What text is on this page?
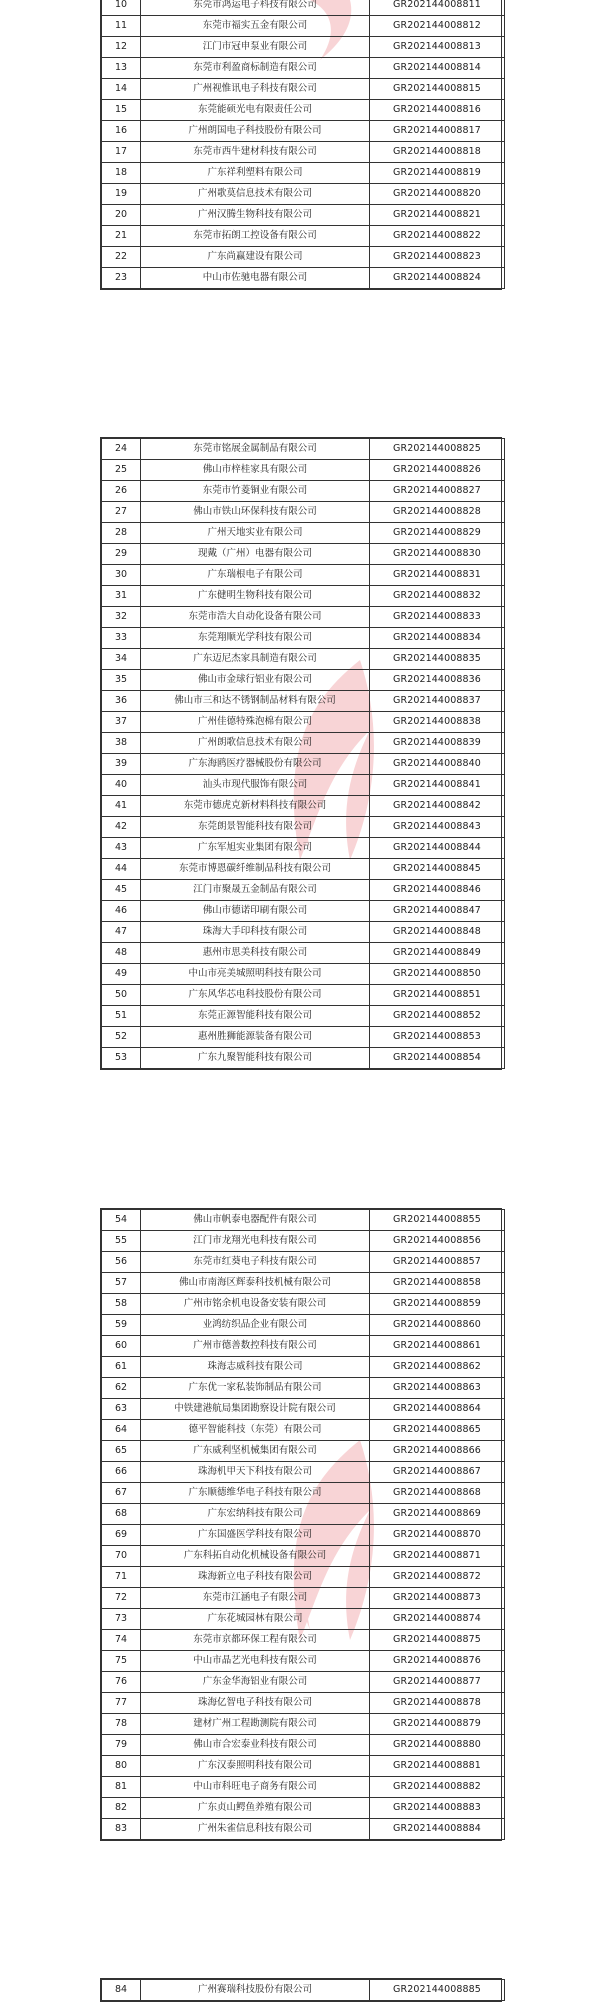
10	东莞市鸿运电子科技有限公司	GR202144008811
11	东莞市福实五金有限公司	GR202144008812
12	江门市冠申泵业有限公司	GR202144008813
13	东莞市利盈商标制造有限公司	GR202144008814
14	广州视惟讯电子科技有限公司	GR202144008815
15	东莞能硕光电有限责任公司	GR202144008816
16	广州朗国电子科技股份有限公司	GR202144008817
17	东莞市西牛建材科技有限公司	GR202144008818
18	广东祥利塑料有限公司	GR202144008819
19	广州歌莫信息技术有限公司	GR202144008820
20	广州汉腾生物科技有限公司	GR202144008821
21	东莞市拓朗工控设备有限公司	GR202144008822
22	广东尚赢建设有限公司	GR202144008823
23	中山市佐驰电器有限公司	GR202144008824
24	东莞市铭展金属制品有限公司	GR202144008825
25	佛山市梓桂家具有限公司	GR202144008826
26	东莞市竹菱铜业有限公司	GR202144008827
27	佛山市铁山环保科技有限公司	GR202144008828
28	广州天地实业有限公司	GR202144008829
29	现戴（广州）电器有限公司	GR202144008830
30	广东瑞根电子有限公司	GR202144008831
31	广东健明生物科技有限公司	GR202144008832
32	东莞市浩大自动化设备有限公司	GR202144008833
33	东莞翔顺光学科技有限公司	GR202144008834
34	广东迈尼杰家具制造有限公司	GR202144008835
35	佛山市金球行铝业有限公司	GR202144008836
36	佛山市三和达不锈钢制品材料有限公司	GR202144008837
37	广州佳德特殊泡棉有限公司	GR202144008838
38	广州朗歌信息技术有限公司	GR202144008839
39	广东海鸥医疗器械股份有限公司	GR202144008840
40	汕头市现代服饰有限公司	GR202144008841
41	东莞市德虎克新材料科技有限公司	GR202144008842
42	东莞朗景智能科技有限公司	GR202144008843
43	广东军旭实业集团有限公司	GR202144008844
44	东莞市博恩碳纤维制品科技有限公司	GR202144008845
45	江门市聚晟五金制品有限公司	GR202144008846
46	佛山市德诺印刷有限公司	GR202144008847
47	珠海大手印科技有限公司	GR202144008848
48	惠州市思美科技有限公司	GR202144008849
49	中山市亮美城照明科技有限公司	GR202144008850
50	广东风华芯电科技股份有限公司	GR202144008851
51	东莞正源智能科技有限公司	GR202144008852
52	惠州胜狮能源装备有限公司	GR202144008853
53	广东九聚智能科技有限公司	GR202144008854
54	佛山市帆泰电器配件有限公司	GR202144008855
55	江门市龙翔光电科技有限公司	GR202144008856
56	东莞市红葵电子科技有限公司	GR202144008857
57	佛山市南海区辉泰科技机械有限公司	GR202144008858
58	广州市铭余机电设备安装有限公司	GR202144008859
59	业鸿纺织品企业有限公司	GR202144008860
60	广州市德善数控科技有限公司	GR202144008861
61	珠海志威科技有限公司	GR202144008862
62	广东优一家私装饰制品有限公司	GR202144008863
63	中铁建港航局集团勘察设计院有限公司	GR202144008864
64	德平智能科技（东莞）有限公司	GR202144008865
65	广东威利坚机械集团有限公司	GR202144008866
66	珠海机甲天下科技有限公司	GR202144008867
67	广东顺德维华电子科技有限公司	GR202144008868
68	广东宏纳科技有限公司	GR202144008869
69	广东国盛医学科技有限公司	GR202144008870
70	广东科拓自动化机械设备有限公司	GR202144008871
71	珠海新立电子科技有限公司	GR202144008872
72	东莞市江涵电子有限公司	GR202144008873
73	广东花城园林有限公司	GR202144008874
74	东莞市京都环保工程有限公司	GR202144008875
75	中山市晶艺光电科技有限公司	GR202144008876
76	广东金华海铝业有限公司	GR202144008877
77	珠海亿智电子科技有限公司	GR202144008878
78	建材广州工程勘测院有限公司	GR202144008879
79	佛山市合宏泰业科技有限公司	GR202144008880
80	广东汉泰照明科技有限公司	GR202144008881
81	中山市科旺电子商务有限公司	GR202144008882
82	广东贞山鳄鱼养殖有限公司	GR202144008883
83	广州朱雀信息科技有限公司	GR202144008884
84	广州赛瑞科技股份有限公司	GR202144008885
